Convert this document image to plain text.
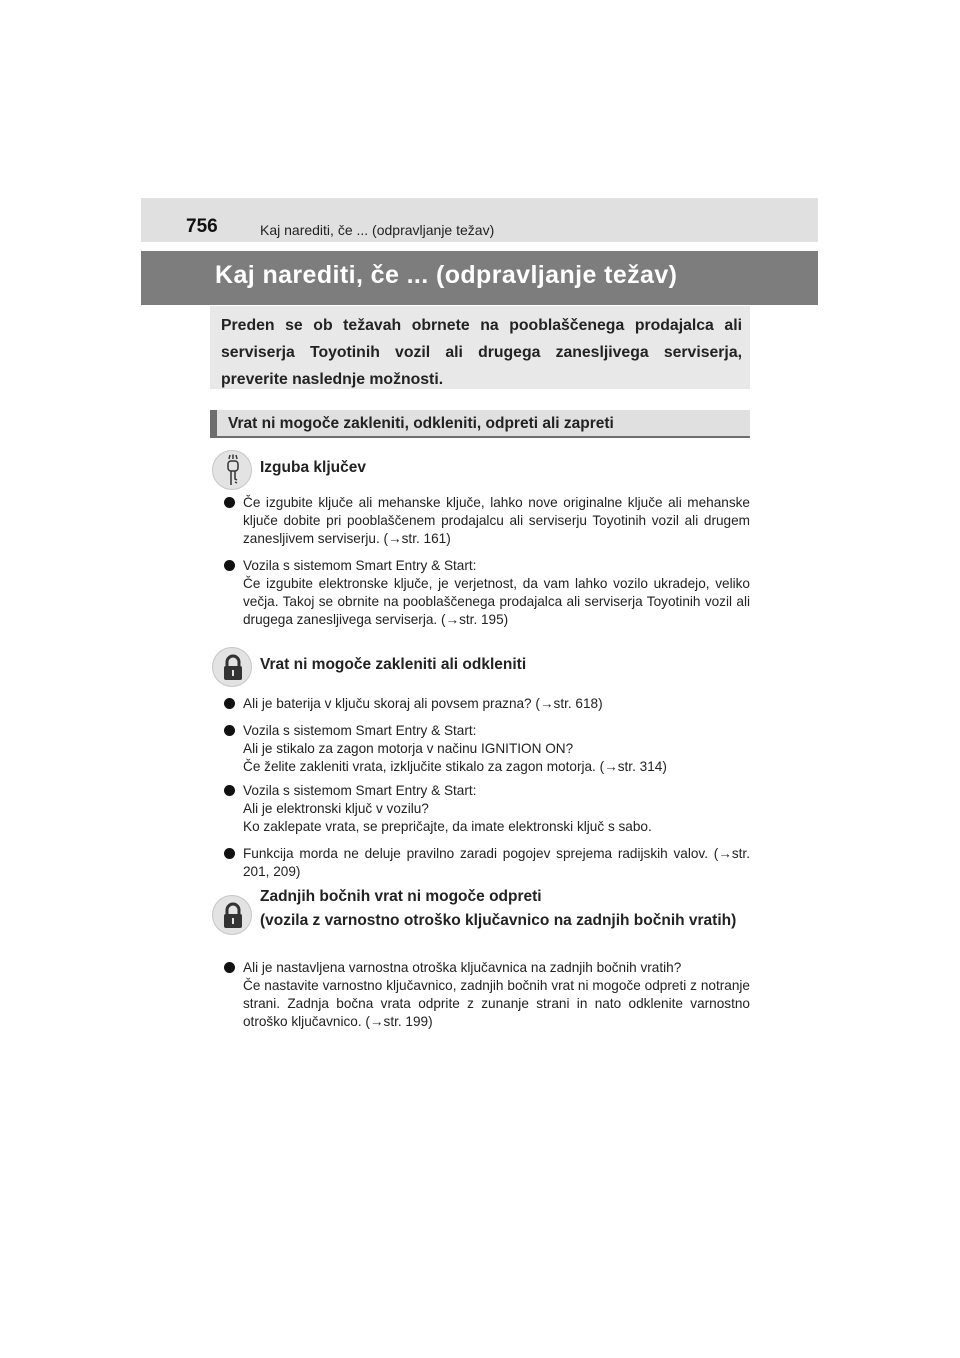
756	Kaj narediti, če ... (odpravljanje težav)
Kaj narediti, če ... (odpravljanje težav)
Preden se ob težavah obrnete na pooblaščenega prodajalca ali serviserja Toyotinih vozil ali drugega zanesljivega serviserja, preverite naslednje možnosti.
Vrat ni mogoče zakleniti, odkleniti, odpreti ali zapreti
Izguba ključev
Če izgubite ključe ali mehanske ključe, lahko nove originalne ključe ali mehanske ključe dobite pri pooblaščenem prodajalcu ali serviserju Toyotinih vozil ali drugem zanesljivem serviserju. (→str. 161)
Vozila s sistemom Smart Entry & Start:
Če izgubite elektronske ključe, je verjetnost, da vam lahko vozilo ukradejo, veliko večja. Takoj se obrnite na pooblaščenega prodajalca ali serviserja Toyotinih vozil ali drugega zanesljivega serviserja. (→str. 195)
Vrat ni mogoče zakleniti ali odkleniti
Ali je baterija v ključu skoraj ali povsem prazna? (→str. 618)
Vozila s sistemom Smart Entry & Start:
Ali je stikalo za zagon motorja v načinu IGNITION ON?
Če želite zakleniti vrata, izključite stikalo za zagon motorja. (→str. 314)
Vozila s sistemom Smart Entry & Start:
Ali je elektronski ključ v vozilu?
Ko zaklepate vrata, se prepričajte, da imate elektronski ključ s sabo.
Funkcija morda ne deluje pravilno zaradi pogojev sprejema radijskih valov. (→str. 201, 209)
Zadnjih bočnih vrat ni mogoče odpreti
(vozila z varnostno otroško ključavnico na zadnjih bočnih vratih)
Ali je nastavljena varnostna otroška ključavnica na zadnjih bočnih vratih?
Če nastavite varnostno ključavnico, zadnjih bočnih vrat ni mogoče odpreti z notranje strani. Zadnja bočna vrata odprite z zunanje strani in nato odklenite varnostno otroško ključavnico. (→str. 199)
